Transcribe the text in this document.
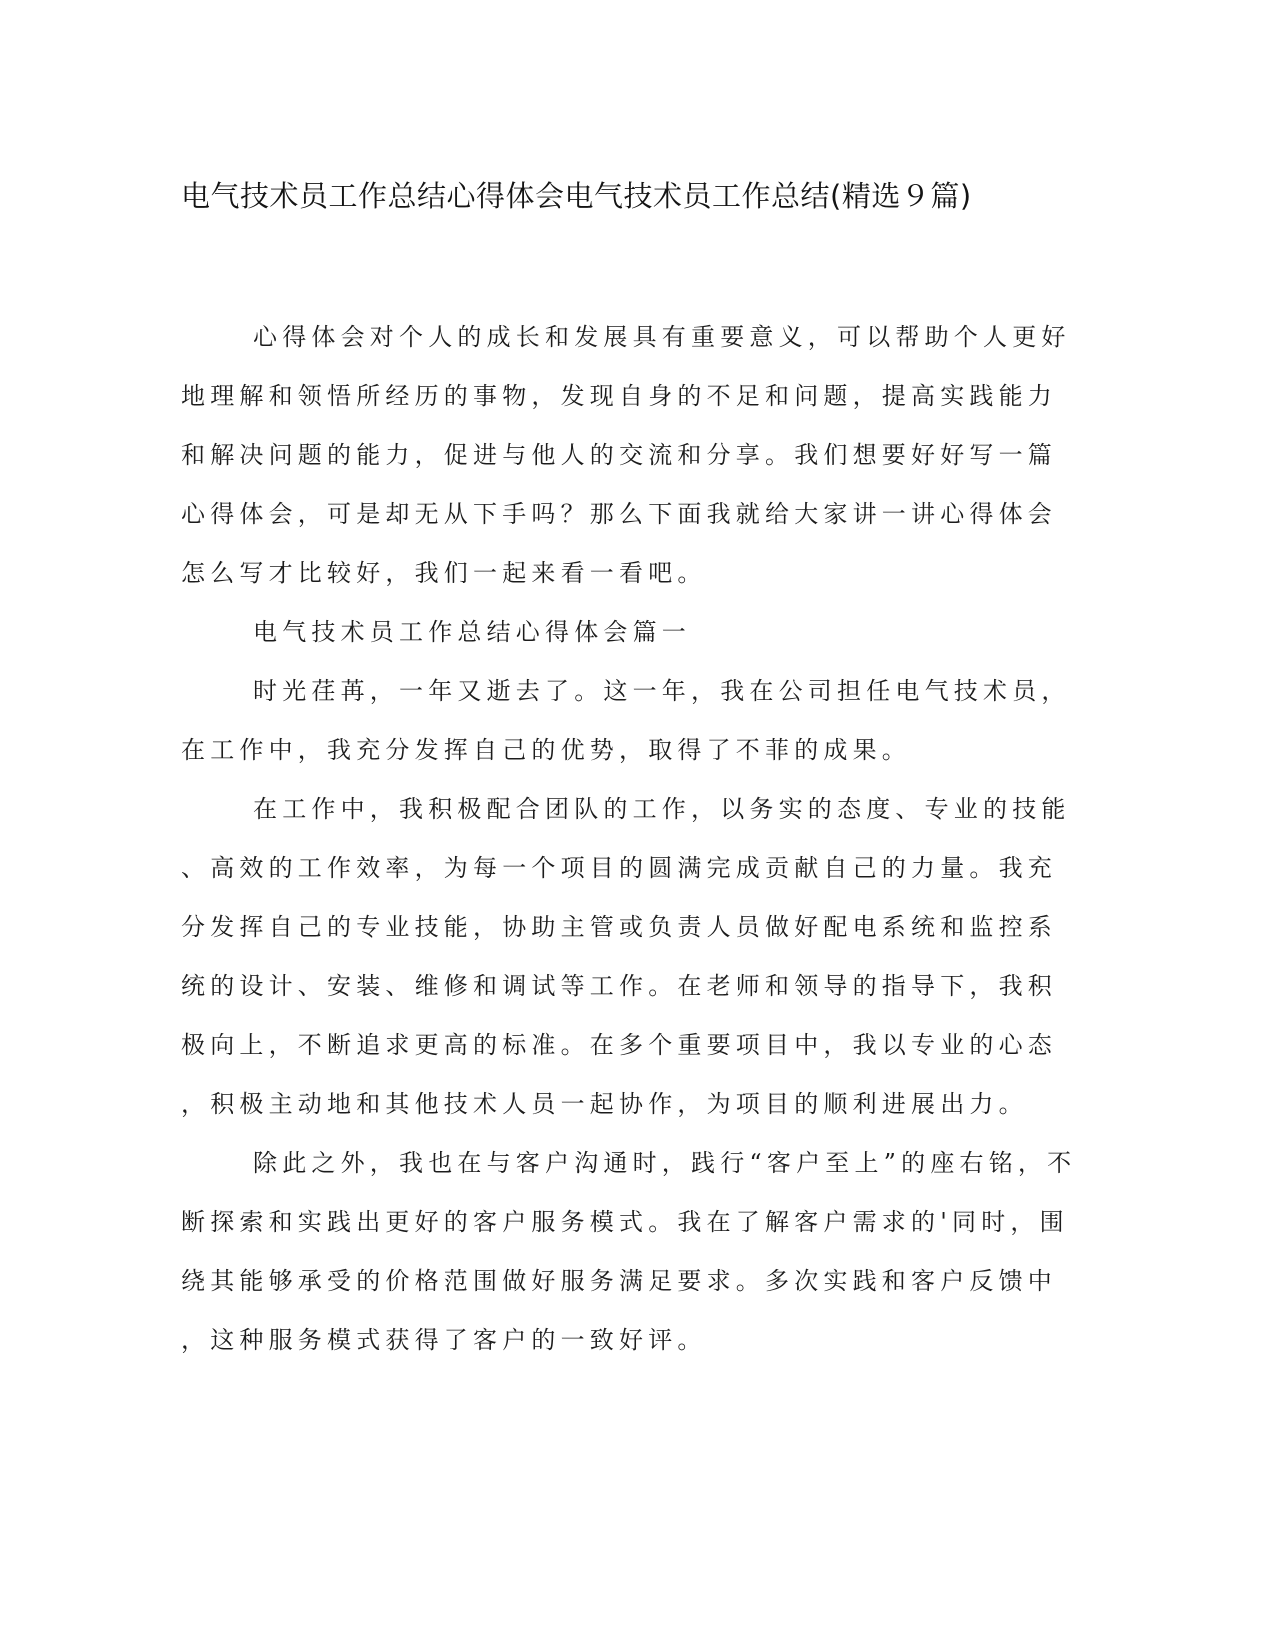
电气技术员工作总结心得体会电气技术员工作总结(精选９篇)

心得体会对个人的成长和发展具有重要意义，可以帮助个人更好
地理解和领悟所经历的事物，发现自身的不足和问题，提高实践能力
和解决问题的能力，促进与他人的交流和分享。我们想要好好写一篇
心得体会，可是却无从下手吗？那么下面我就给大家讲一讲心得体会
怎么写才比较好，我们一起来看一看吧。

电气技术员工作总结心得体会篇一

时光荏苒，一年又逝去了。这一年，我在公司担任电气技术员，
在工作中，我充分发挥自己的优势，取得了不菲的成果。

在工作中，我积极配合团队的工作，以务实的态度、专业的技能
、高效的工作效率，为每一个项目的圆满完成贡献自己的力量。我充
分发挥自己的专业技能，协助主管或负责人员做好配电系统和监控系
统的设计、安装、维修和调试等工作。在老师和领导的指导下，我积
极向上，不断追求更高的标准。在多个重要项目中，我以专业的心态
，积极主动地和其他技术人员一起协作，为项目的顺利进展出力。

除此之外，我也在与客户沟通时，践行“客户至上”的座右铭，不
断探索和实践出更好的客户服务模式。我在了解客户需求的'同时，围
绕其能够承受的价格范围做好服务满足要求。多次实践和客户反馈中
，这种服务模式获得了客户的一致好评。
